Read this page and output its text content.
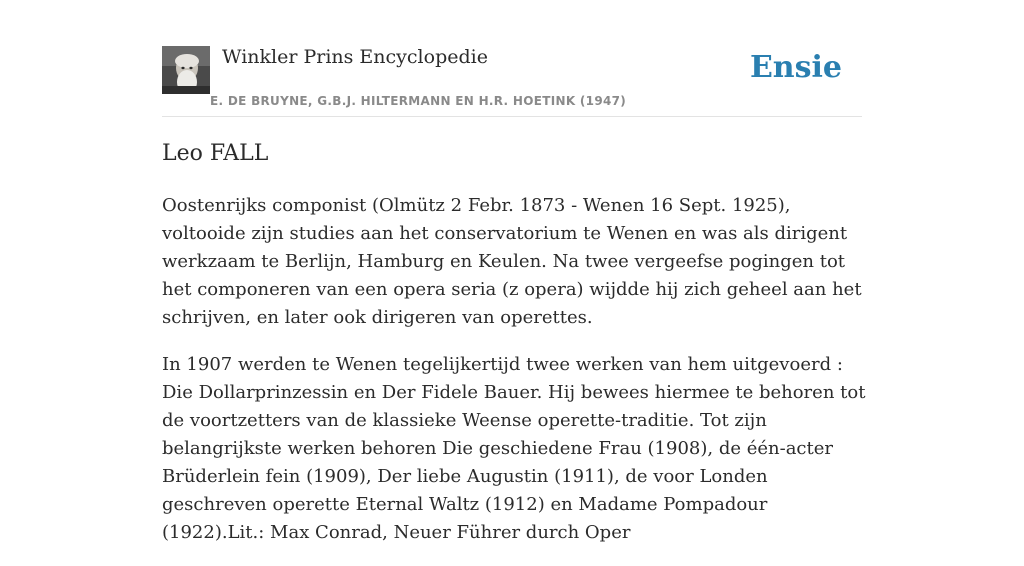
Winkler Prins Encyclopedie
E. DE BRUYNE, G.B.J. HILTERMANN EN H.R. HOETINK (1947)
Ensie
Leo FALL

Oostenrijks componist (Olmütz 2 Febr. 1873 - Wenen 16 Sept. 1925), voltooide zijn studies aan het conservatorium te Wenen en was als dirigent werkzaam te Berlijn, Hamburg en Keulen. Na twee vergeefse pogingen tot het componeren van een opera seria (z opera) wijdde hij zich geheel aan het schrijven, en later ook dirigeren van operettes.

In 1907 werden te Wenen tegelijkertijd twee werken van hem uitgevoerd : Die Dollarprinzessin en Der Fidele Bauer. Hij bewees hiermee te behoren tot de voortzetters van de klassieke Weense operette-traditie. Tot zijn belangrijkste werken behoren Die geschiedene Frau (1908), de één-acter Brüderlein fein (1909), Der liebe Augustin (1911), de voor Londen geschreven operette Eternal Waltz (1912) en Madame Pompadour (1922).Lit.: Max Conrad, Neuer Führer durch Oper
